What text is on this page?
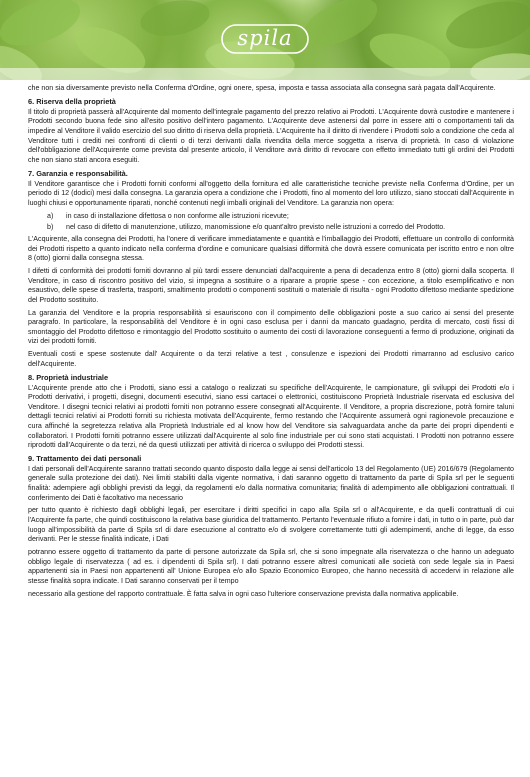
spila

che non sia diversamente previsto nella Conferma d'Ordine, ogni onere, spesa, imposta e tassa associata alla consegna sarà pagata dall'Acquirente.

6. Riserva della proprietà

Il titolo di proprietà passerà all'Acquirente dal momento dell'integrale pagamento del prezzo relativo ai Prodotti. L'Acquirente dovrà custodire e mantenere i Prodotti secondo buona fede sino all'esito positivo dell'intero pagamento. L'Acquirente deve astenersi dal porre in essere atti o comportamenti tali da impedire al Venditore il valido esercizio del suo diritto di riserva della proprietà. L'Acquirente ha il diritto di rivendere i Prodotti solo a condizione che ceda al Venditore tutti i crediti nei confronti di clienti o di terzi derivanti dalla rivendita della merce soggetta a riserva di proprietà. In caso di violazione dell'obbligazione dell'Acquirente come prevista dal presente articolo, il Venditore avrà diritto di revocare con effetto immediato tutti gli ordini dei Prodotti che non siano stati ancora eseguiti.

7. Garanzia e responsabilità.

Il Venditore garantisce che i Prodotti forniti conformi all'oggetto della fornitura ed alle caratteristiche tecniche previste nella Conferma d'Ordine, per un periodo di 12 (dodici) mesi dalla consegna. La garanzia opera a condizione che i Prodotti, fino al momento del loro utilizzo, siano stoccati dall'Acquirente in luoghi chiusi e opportunamente riparati, nonché contenuti negli imballi originali del Venditore. La garanzia non opera:

a) in caso di installazione difettosa o non conforme alle istruzioni ricevute;
b) nel caso di difetto di manutenzione, utilizzo, manomissione e/o quant'altro previsto nelle istruzioni a corredo del Prodotto.

L'Acquirente, alla consegna dei Prodotti, ha l'onere di verificare immediatamente e quantità e l'imballaggio dei Prodotti, effettuare un controllo di conformità dei Prodotti rispetto a quanto indicato nella conferma d'ordine e comunicare qualsiasi difformità che dovrà essere comunicata per iscritto entro e non oltre 8 (otto) giorni dalla consegna stessa.

I difetti di conformità dei prodotti forniti dovranno al più tardi essere denunciati dall'acquirente a pena di decadenza entro 8 (otto) giorni dalla scoperta. Il Venditore, in caso di riscontro positivo del vizio, si impegna a sostituire o a riparare a proprie spese - con eccezione, a titolo esemplificativo e non esaustivo, delle spese di trasferta, trasporti, smaltimento prodotti o componenti sostituiti o materiale di risulta - ogni Prodotto difettoso mediante spedizione del Prodotto sostituito.

La garanzia del Venditore e la propria responsabilità si esauriscono con il compimento delle obbligazioni poste a suo carico ai sensi del presente paragrafo. In particolare, la responsabilità del Venditore è in ogni caso esclusa per i danni da mancato guadagno, perdita di mercato, costi fissi di smontaggio del Prodotto difettoso e rimontaggio del Prodotto sostituito o aumento dei costi di lavorazione conseguenti a fermo di produzione, originati da vizi dei prodotti forniti.

Eventuali costi e spese sostenute dall' Acquirente o da terzi relative a test , consulenze e ispezioni dei Prodotti rimarranno ad esclusivo carico dell'Acquirente.

8. Proprietà industriale

L'Acquirente prende atto che i Prodotti, siano essi a catalogo o realizzati su specifiche dell'Acquirente, le campionature, gli sviluppi dei Prodotti e/o i Prodotti derivativi, i progetti, disegni, documenti esecutivi, siano essi cartacei o elettronici, costituiscono Proprietà Industriale riservata ed esclusiva del Venditore. I disegni tecnici relativi ai prodotti forniti non potranno essere consegnati all'Acquirente. Il Venditore, a propria discrezione, potrà fornire taluni dettagli tecnici relativi ai Prodotti forniti su richiesta motivata dell'Acquirente, fermo restando che l'Acquirente assumerà ogni ragionevole precauzione e cura affinché la segretezza relativa alla Proprietà Industriale ed al know how del Venditore sia salvaguardata anche da parte dei propri dipendenti e collaboratori. I Prodotti forniti potranno essere utilizzati dall'Acquirente al solo fine industriale per cui sono stati acquistati. I Prodotti non potranno essere riprodotti dall'Acquirente o da terzi, né da questi utilizzati per attività di ricerca o sviluppo dei Prodotti stessi.

9. Trattamento dei dati personali

I dati personali dell'Acquirente saranno trattati secondo quanto disposto dalla legge ai sensi dell'articolo 13 del Regolamento (UE) 2016/679 (Regolamento generale sulla protezione dei dati). Nei limiti stabiliti dalla vigente normativa, i dati saranno oggetto di trattamento da parte di Spila srl per le seguenti finalità: adempiere agli obblighi previsti da leggi, da regolamenti e/o dalla normativa comunitaria; finalità di adempimento alle obbligazioni contrattuali. Il conferimento dei Dati è facoltativo ma necessario

per tutto quanto è richiesto dagli obblighi legali, per esercitare i diritti specifici in capo alla Spila srl o all'Acquirente, e da quelli contrattuali di cui l'Acquirente fa parte, che quindi costituiscono la relativa base giuridica del trattamento. Pertanto l'eventuale rifiuto a fornire i dati, in tutto o in parte, può dar luogo all'impossibilità da parte di Spila srl di dare esecuzione al contratto e/o di svolgere correttamente tutti gli adempimenti, anche di legge, da esso derivanti. Per le stesse finalità indicate, i Dati

potranno essere oggetto di trattamento da parte di persone autorizzate da Spila srl, che si sono impegnate alla riservatezza o che hanno un adeguato obbligo legale di riservatezza ( ad es. i dipendenti di Spila srl). I dati potranno essere altresì comunicati alle società con sede legale sia in Paesi appartenenti sia in Paesi non appartenenti all' Unione Europea e/o allo Spazio Economico Europeo, che hanno necessità di accedervi in relazione alle stesse finalità sopra indicate. I Dati saranno conservati per il tempo

necessario alla gestione del rapporto contrattuale. È fatta salva in ogni caso l'ulteriore conservazione prevista dalla normativa applicabile.
